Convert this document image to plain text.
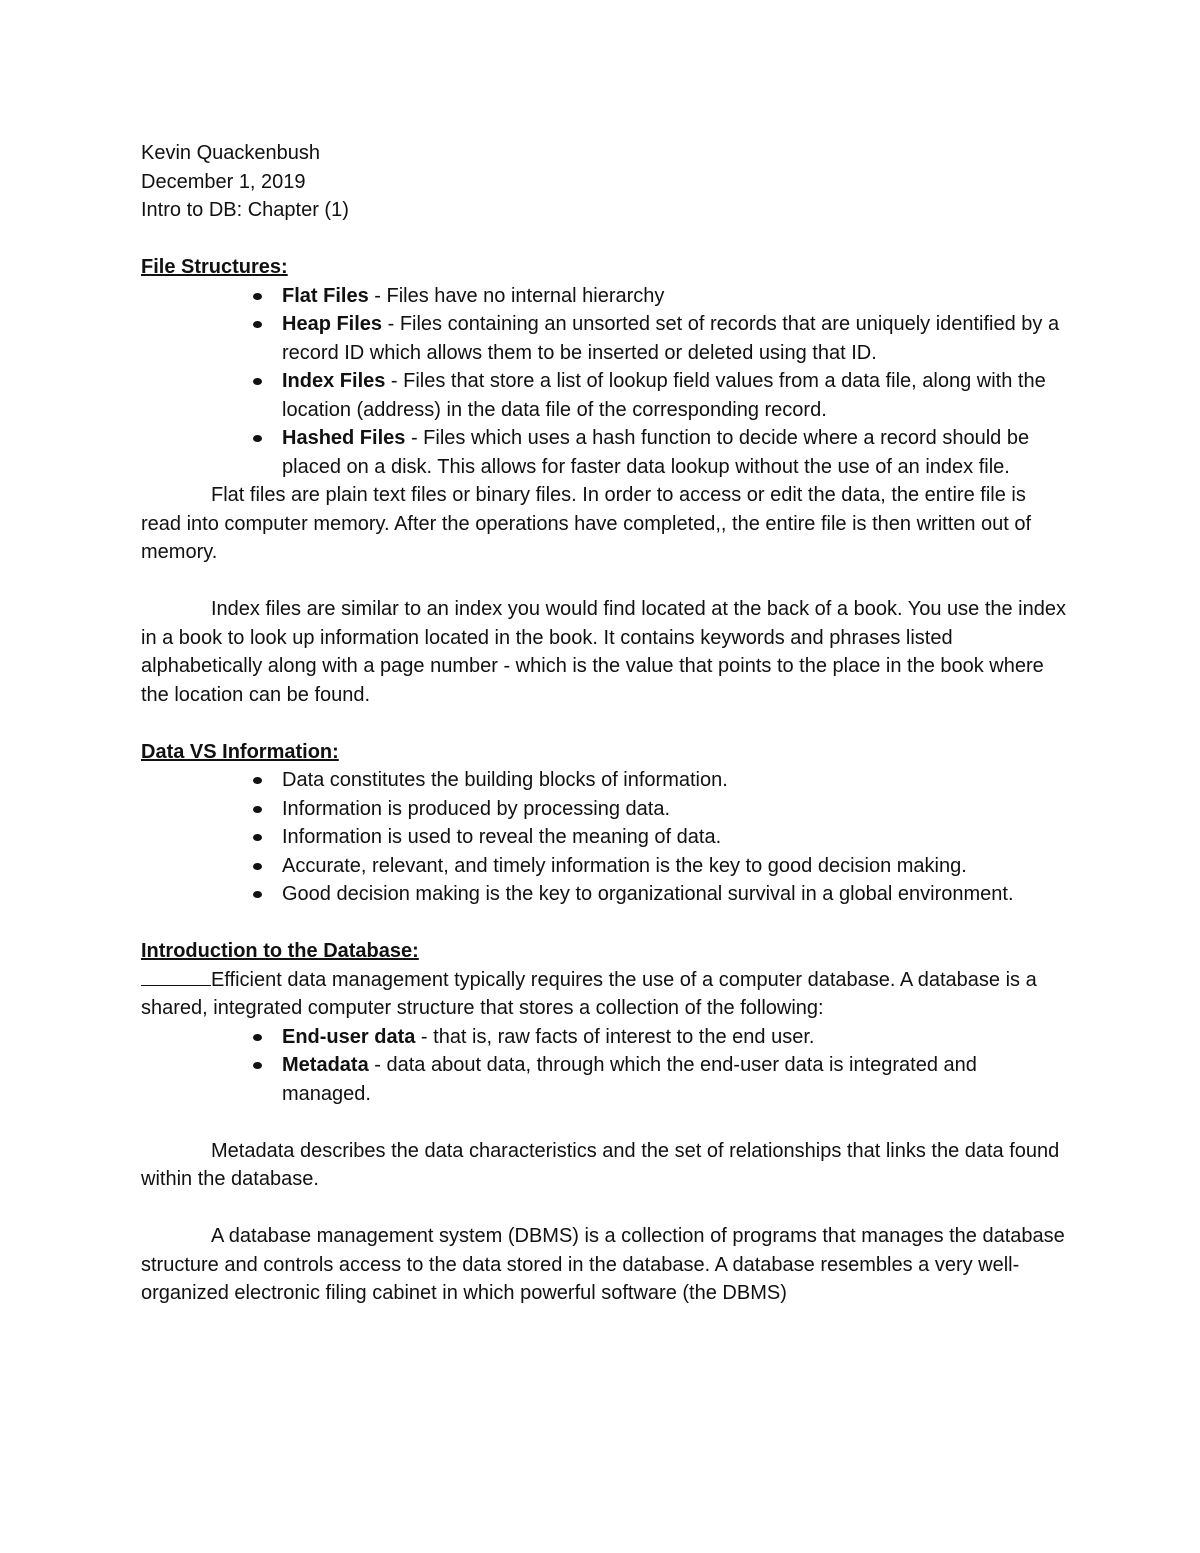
Kevin Quackenbush

December 1, 2019

Intro to DB: Chapter (1)

File Structures:

Flat Files - Files have no internal hierarchy
Heap Files - Files containing an unsorted set of records that are uniquely identified by a record ID which allows them to be inserted or deleted using that ID.
Index Files - Files that store a list of lookup field values from a data file, along with the location (address) in the data file of the corresponding record.
Hashed Files - Files which uses a hash function to decide where a record should be placed on a disk. This allows for faster data lookup without the use of an index file.

Flat files are plain text files or binary files. In order to access or edit the data, the entire file is read into computer memory. After the operations have completed,, the entire file is then written out of memory.

Index files are similar to an index you would find located at the back of a book. You use the index in a book to look up information located in the book. It contains keywords and phrases listed alphabetically along with a page number - which is the value that points to the place in the book where the location can be found.

Data VS Information:

Data constitutes the building blocks of information.
Information is produced by processing data.
Information is used to reveal the meaning of data.
Accurate, relevant, and timely information is the key to good decision making.
Good decision making is the key to organizational survival in a global environment.

Introduction to the Database:

Efficient data management typically requires the use of a computer database. A database is a shared, integrated computer structure that stores a collection of the following:

End-user data - that is, raw facts of interest to the end user.
Metadata - data about data, through which the end-user data is integrated and managed.

Metadata describes the data characteristics and the set of relationships that links the data found within the database.

A database management system (DBMS) is a collection of programs that manages the database structure and controls access to the data stored in the database. A database resembles a very well-organized electronic filing cabinet in which powerful software (the DBMS)
